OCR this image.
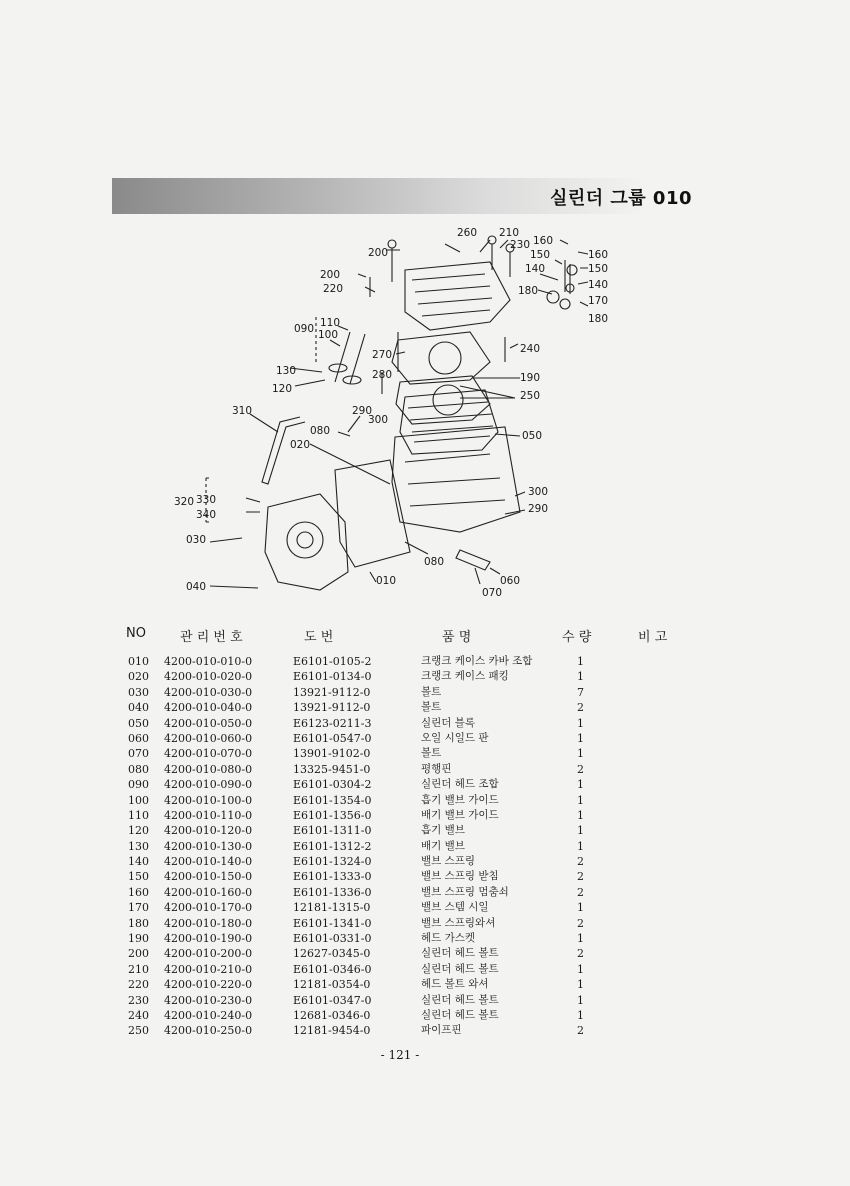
실린더 그룹 010
260 210
230 160
160
200	150
150
140
140
200
220	180
170
180
110
090 100
270	240
130	280	190
120
250
310	290
300
080	050
020
300
290
320 330
340
030
080
010	060
040	070
NO	관 리 번 호	도 번	품 명	수 량	비 고
010 4200-010-010-0	E6101-0105-2	크랭크 케이스 카바 조합	1
020 4200-010-020-0	E6101-0134-0	크랭크 케이스 패킹	1
030 4200-010-030-0	13921-9112-0	볼트	7
040 4200-010-040-0	13921-9112-0	볼트	2
050 4200-010-050-0	E6123-0211-3	실린더 블록	1
060 4200-010-060-0	E6101-0547-0	오일 시일드 판	1
070 4200-010-070-0	13901-9102-0	볼트	1
080 4200-010-080-0	13325-9451-0	평행핀	2
090 4200-010-090-0	E6101-0304-2	실린더 헤드 조합	1
100 4200-010-100-0	E6101-1354-0	흡기 밸브 가이드	1
110 4200-010-110-0	E6101-1356-0	배기 밸브 가이드	1
120 4200-010-120-0	E6101-1311-0	흡기 밸브	1
130 4200-010-130-0	E6101-1312-2	배기 밸브	1
140 4200-010-140-0	E6101-1324-0	밸브 스프링	2
150 4200-010-150-0	E6101-1333-0	밸브 스프링 받침	2
160 4200-010-160-0	E6101-1336-0	밸브 스프링 멈춤쇠	2
170 4200-010-170-0	12181-1315-0	밸브 스템 시일	1
180 4200-010-180-0	E6101-1341-0	밸브 스프링와셔	2
190 4200-010-190-0	E6101-0331-0	헤드 가스켓	1
200 4200-010-200-0	12627-0345-0	실린더 헤드 볼트	2
210 4200-010-210-0	E6101-0346-0	실린더 헤드 볼트	1
220 4200-010-220-0	12181-0354-0	헤드 볼트 와셔	1
230 4200-010-230-0	E6101-0347-0	실린더 헤드 볼트	1
240 4200-010-240-0	12681-0346-0	실린더 헤드 볼트	1
250 4200-010-250-0	12181-9454-0	파이프핀	2
- 121 -
